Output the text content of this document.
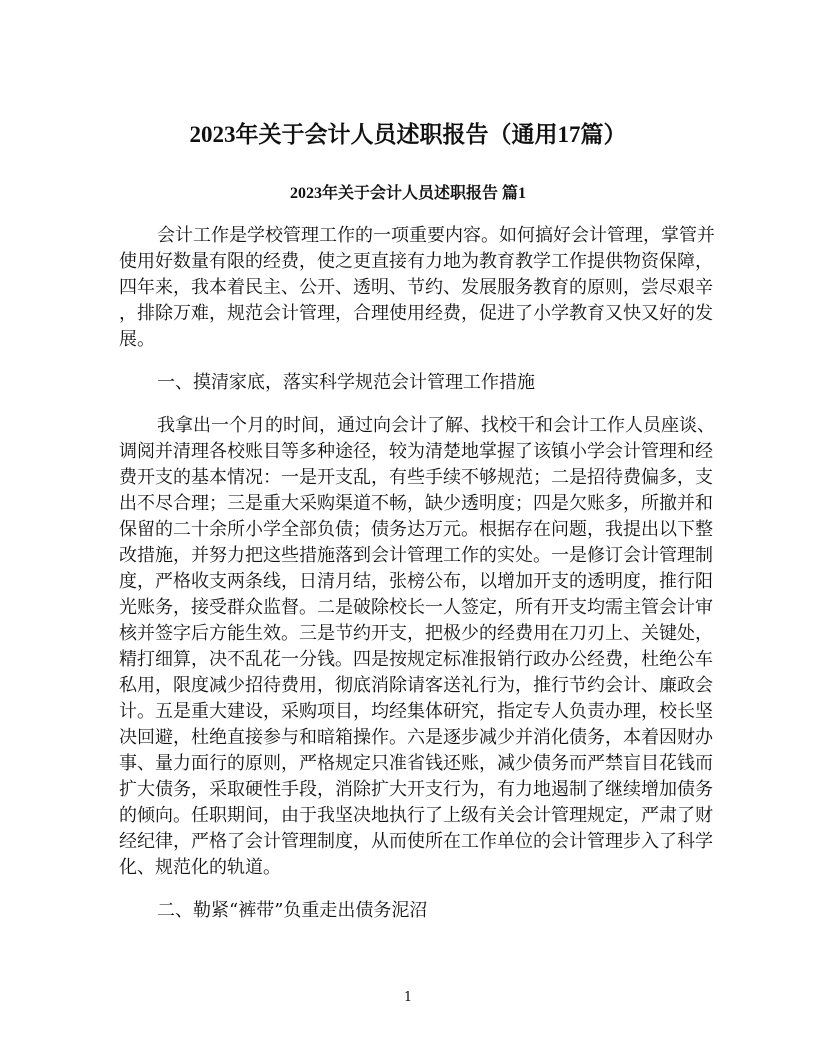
2023年关于会计人员述职报告（通用17篇）
2023年关于会计人员述职报告 篇1
会计工作是学校管理工作的一项重要内容。如何搞好会计管理，掌管并
使用好数量有限的经费，使之更直接有力地为教育教学工作提供物资保障，
四年来，我本着民主、公开、透明、节约、发展服务教育的原则，尝尽艰辛
，排除万难，规范会计管理，合理使用经费，促进了小学教育又快又好的发
展。
一、摸清家底，落实科学规范会计管理工作措施
我拿出一个月的时间，通过向会计了解、找校干和会计工作人员座谈、
调阅并清理各校账目等多种途径，较为清楚地掌握了该镇小学会计管理和经
费开支的基本情况：一是开支乱，有些手续不够规范；二是招待费偏多，支
出不尽合理；三是重大采购渠道不畅，缺少透明度；四是欠账多，所撤并和
保留的二十余所小学全部负债；债务达万元。根据存在问题，我提出以下整
改措施，并努力把这些措施落到会计管理工作的实处。一是修订会计管理制
度，严格收支两条线，日清月结，张榜公布，以增加开支的透明度，推行阳
光账务，接受群众监督。二是破除校长一人签定，所有开支均需主管会计审
核并签字后方能生效。三是节约开支，把极少的经费用在刀刃上、关键处，
精打细算，决不乱花一分钱。四是按规定标准报销行政办公经费，杜绝公车
私用，限度减少招待费用，彻底消除请客送礼行为，推行节约会计、廉政会
计。五是重大建设，采购项目，均经集体研究，指定专人负责办理，校长坚
决回避，杜绝直接参与和暗箱操作。六是逐步减少并消化债务，本着因财办
事、量力面行的原则，严格规定只准省钱还账，减少债务而严禁盲目花钱而
扩大债务，采取硬性手段，消除扩大开支行为，有力地遏制了继续增加债务
的倾向。任职期间，由于我坚决地执行了上级有关会计管理规定，严肃了财
经纪律，严格了会计管理制度，从而使所在工作单位的会计管理步入了科学
化、规范化的轨道。
二、勒紧“裤带”负重走出债务泥沼
1
